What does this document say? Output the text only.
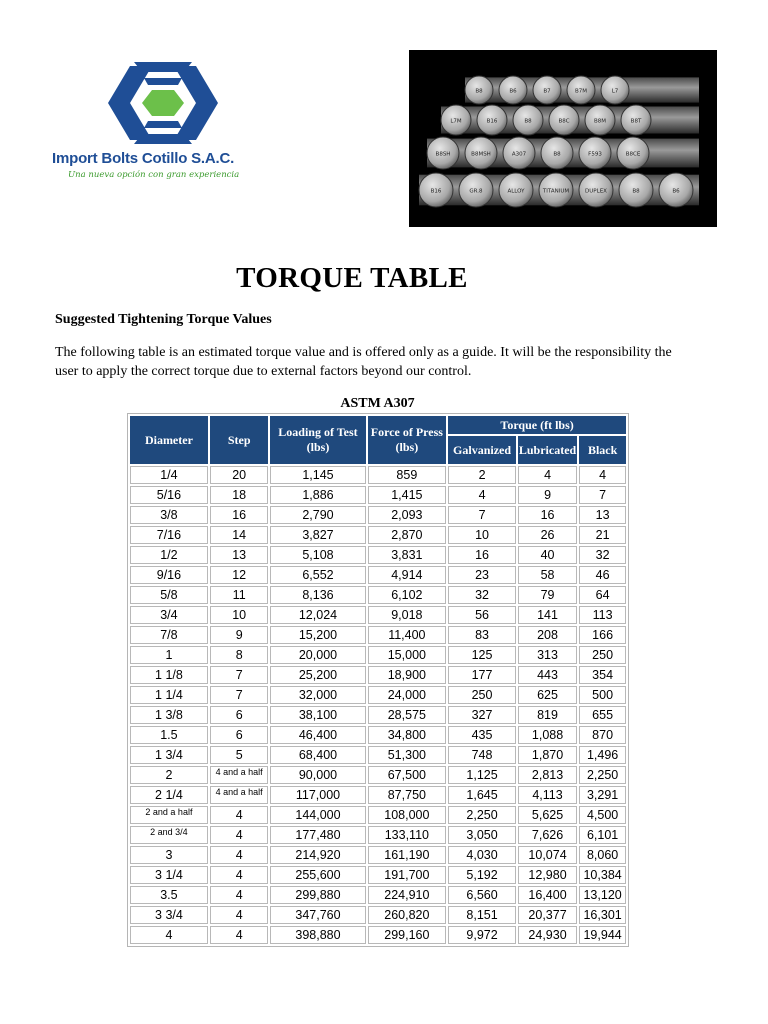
Import Bolts Cotillo S.A.C.
Una nueva opción con gran experiencia
B8	B6	B7	B7M	L7
L7M	B16	B8	B8C	B8M	B8T
B8SH	B8MSH	A307	B8	F593	B8CE
B16	GR.8	ALLOY	TITANIUM	DUPLEX	B8	B6
TORQUE TABLE
Suggested Tightening Torque Values
The following table is an estimated torque value and is offered only as a guide. It will be the responsibility the user to apply the correct torque due to external factors beyond our control.
ASTM A307
Diameter	Step	Loading of Test (lbs)	Force of Press (lbs)	Torque (ft lbs)		
				Galvanized	Lubricated	Black
1/4	20	1,145	859	2	4	4
5/16	18	1,886	1,415	4	9	7
3/8	16	2,790	2,093	7	16	13
7/16	14	3,827	2,870	10	26	21
1/2	13	5,108	3,831	16	40	32
9/16	12	6,552	4,914	23	58	46
5/8	11	8,136	6,102	32	79	64
3/4	10	12,024	9,018	56	141	113
7/8	9	15,200	11,400	83	208	166
1	8	20,000	15,000	125	313	250
1 1/8	7	25,200	18,900	177	443	354
1 1/4	7	32,000	24,000	250	625	500
1 3/8	6	38,100	28,575	327	819	655
1.5	6	46,400	34,800	435	1,088	870
1 3/4	5	68,400	51,300	748	1,870	1,496
2	4 and a half	90,000	67,500	1,125	2,813	2,250
2 1/4	4 and a half	117,000	87,750	1,645	4,113	3,291
2 and a half	4	144,000	108,000	2,250	5,625	4,500
2 and 3/4	4	177,480	133,110	3,050	7,626	6,101
3	4	214,920	161,190	4,030	10,074	8,060
3 1/4	4	255,600	191,700	5,192	12,980	10,384
3.5	4	299,880	224,910	6,560	16,400	13,120
3 3/4	4	347,760	260,820	8,151	20,377	16,301
4	4	398,880	299,160	9,972	24,930	19,944
